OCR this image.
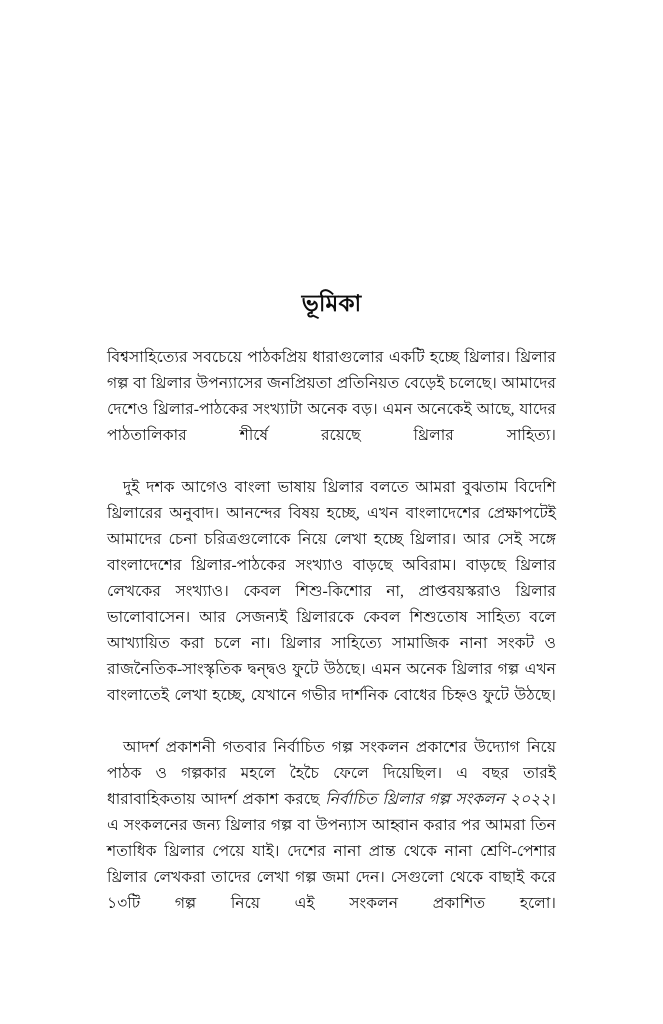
ভূমিকা

বিশ্বসাহিত্যের সবচেয়ে পাঠকপ্রিয় ধারাগুলোর একটি হচ্ছে থ্রিলার। থ্রিলার গল্প বা থ্রিলার উপন্যাসের জনপ্রিয়তা প্রতিনিয়ত বেড়েই চলেছে। আমাদের দেশেও থ্রিলার-পাঠকের সংখ্যাটা অনেক বড়। এমন অনেকেই আছে, যাদের পাঠতালিকার শীর্ষে রয়েছে থ্রিলার সাহিত্য।

দুই দশক আগেও বাংলা ভাষায় থ্রিলার বলতে আমরা বুঝতাম বিদেশি থ্রিলারের অনুবাদ। আনন্দের বিষয় হচ্ছে, এখন বাংলাদেশের প্রেক্ষাপটেই আমাদের চেনা চরিত্রগুলোকে নিয়ে লেখা হচ্ছে থ্রিলার। আর সেই সঙ্গে বাংলাদেশের থ্রিলার-পাঠকের সংখ্যাও বাড়ছে অবিরাম। বাড়ছে থ্রিলার লেখকের সংখ্যাও। কেবল শিশু-কিশোর না, প্রাপ্তবয়স্করাও থ্রিলার ভালোবাসেন। আর সেজন্যই থ্রিলারকে কেবল শিশুতোষ সাহিত্য বলে আখ্যায়িত করা চলে না। থ্রিলার সাহিত্যে সামাজিক নানা সংকট ও রাজনৈতিক-সাংস্কৃতিক দ্বন্দ্বও ফুটে উঠছে। এমন অনেক থ্রিলার গল্প এখন বাংলাতেই লেখা হচ্ছে, যেখানে গভীর দার্শনিক বোধের চিহ্নও ফুটে উঠছে।

আদর্শ প্রকাশনী গতবার নির্বাচিত গল্প সংকলন প্রকাশের উদ্যোগ নিয়ে পাঠক ও গল্পকার মহলে হৈচৈ ফেলে দিয়েছিল। এ বছর তারই ধারাবাহিকতায় আদর্শ প্রকাশ করছে নির্বাচিত থ্রিলার গল্প সংকলন ২০২২। এ সংকলনের জন্য থ্রিলার গল্প বা উপন্যাস আহ্বান করার পর আমরা তিন শতাধিক থ্রিলার পেয়ে যাই। দেশের নানা প্রান্ত থেকে নানা শ্রেণি-পেশার থ্রিলার লেখকরা তাদের লেখা গল্প জমা দেন। সেগুলো থেকে বাছাই করে ১৩টি গল্প নিয়ে এই সংকলন প্রকাশিত হলো।
